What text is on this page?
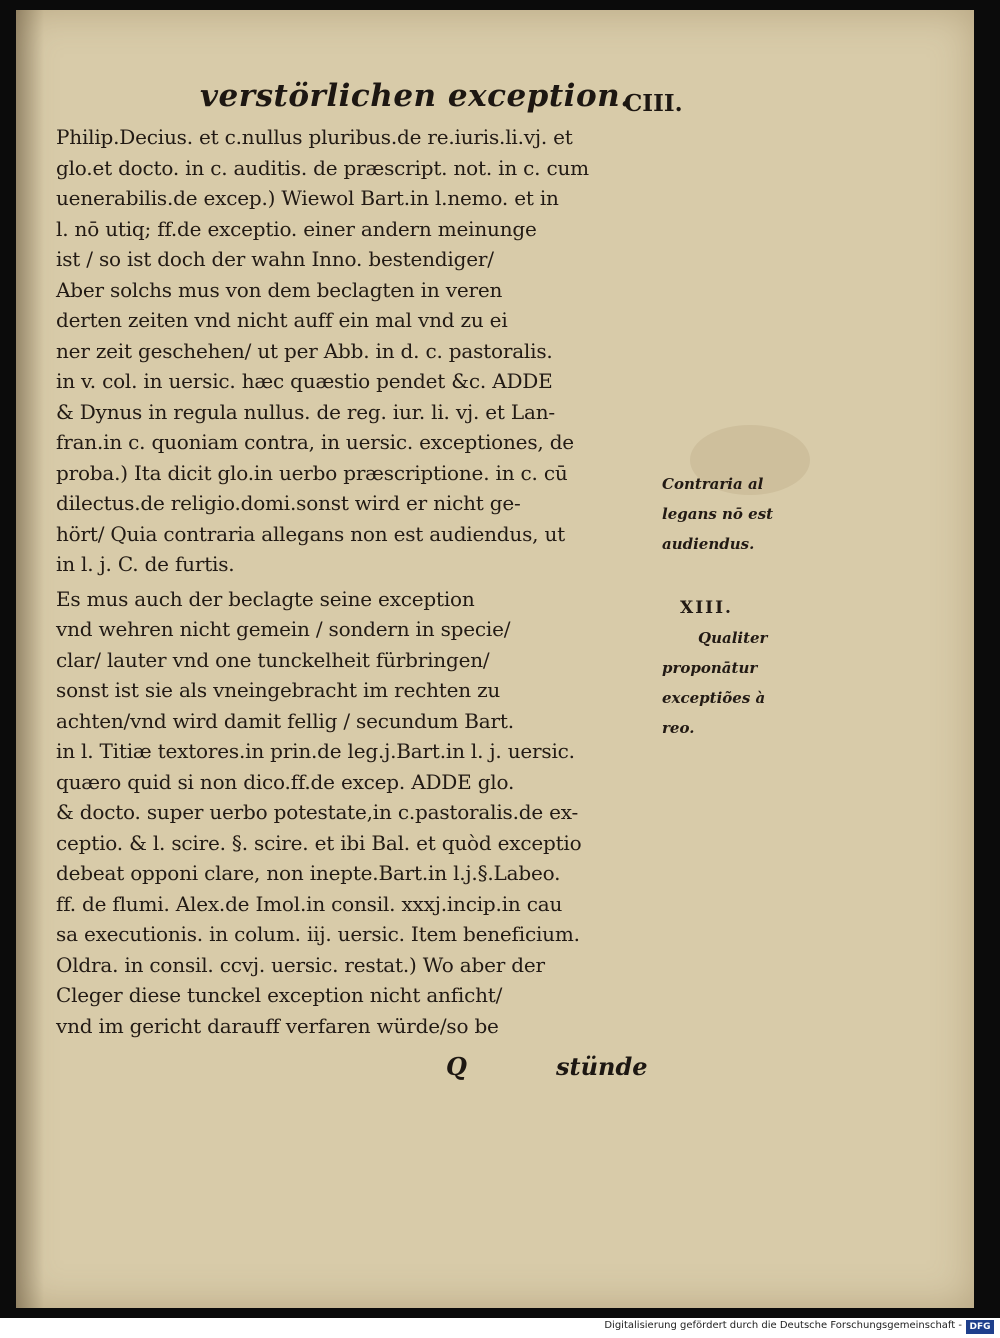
verstörlichen exception.
CIII.
Philip.Decius. et c.nullus pluribus.de re.iuris.li.vj. et
glo.et docto. in c. auditis. de præscript. not. in c. cum
uenerabilis.de excep.) Wiewol Bart.in l.nemo. et in
l. nō utiq; ff.de exceptio. einer andern meinunge
ist / so ist doch der wahn Inno. bestendiger/
Aber solchs mus von dem beclagten in veren
derten zeiten vnd nicht auff ein mal vnd zu ei
ner zeit geschehen/ ut per Abb. in d. c. pastoralis.
in v. col. in uersic. hæc quæstio pendet &c. ADDE
& Dynus in regula nullus. de reg. iur. li. vj. et Lan-
fran.in c. quoniam contra, in uersic. exceptiones, de
proba.) Ita dicit glo.in uerbo præscriptione. in c. cū
dilectus.de religio.domi.sonst wird er nicht ge-
hört/ Quia contraria allegans non est audiendus, ut
in l. j. C. de furtis.
Es mus auch der beclagte seine exception
vnd wehren nicht gemein / sondern in specie/
clar/ lauter vnd one tunckelheit fürbringen/
sonst ist sie als vneingebracht im rechten zu
achten/vnd wird damit fellig / secundum Bart.
in l. Titiæ textores.in prin.de leg.j.Bart.in l. j. uersic.
quæro quid si non dico.ff.de excep. ADDE glo.
& docto. super uerbo potestate,in c.pastoralis.de ex-
ceptio. & l. scire. §. scire. et ibi Bal. et quòd exceptio
debeat opponi clare, non inepte.Bart.in l.j.§.Labeo.
ff. de flumi. Alex.de Imol.in consil. xxxj.incip.in cau
sa executionis. in colum. iij. uersic. Item beneficium.
Oldra. in consil. ccvj. uersic. restat.) Wo aber der
Cleger diese tunckel exception nicht anficht/
vnd im gericht darauff verfaren würde/so be
Contraria al
legans nō est
audiendus.
XIII.
Qualiter
proponātur
exceptiões à
reo.
Q	stünde
Digitalisierung gefördert durch die Deutsche Forschungsgemeinschaft - DFG
